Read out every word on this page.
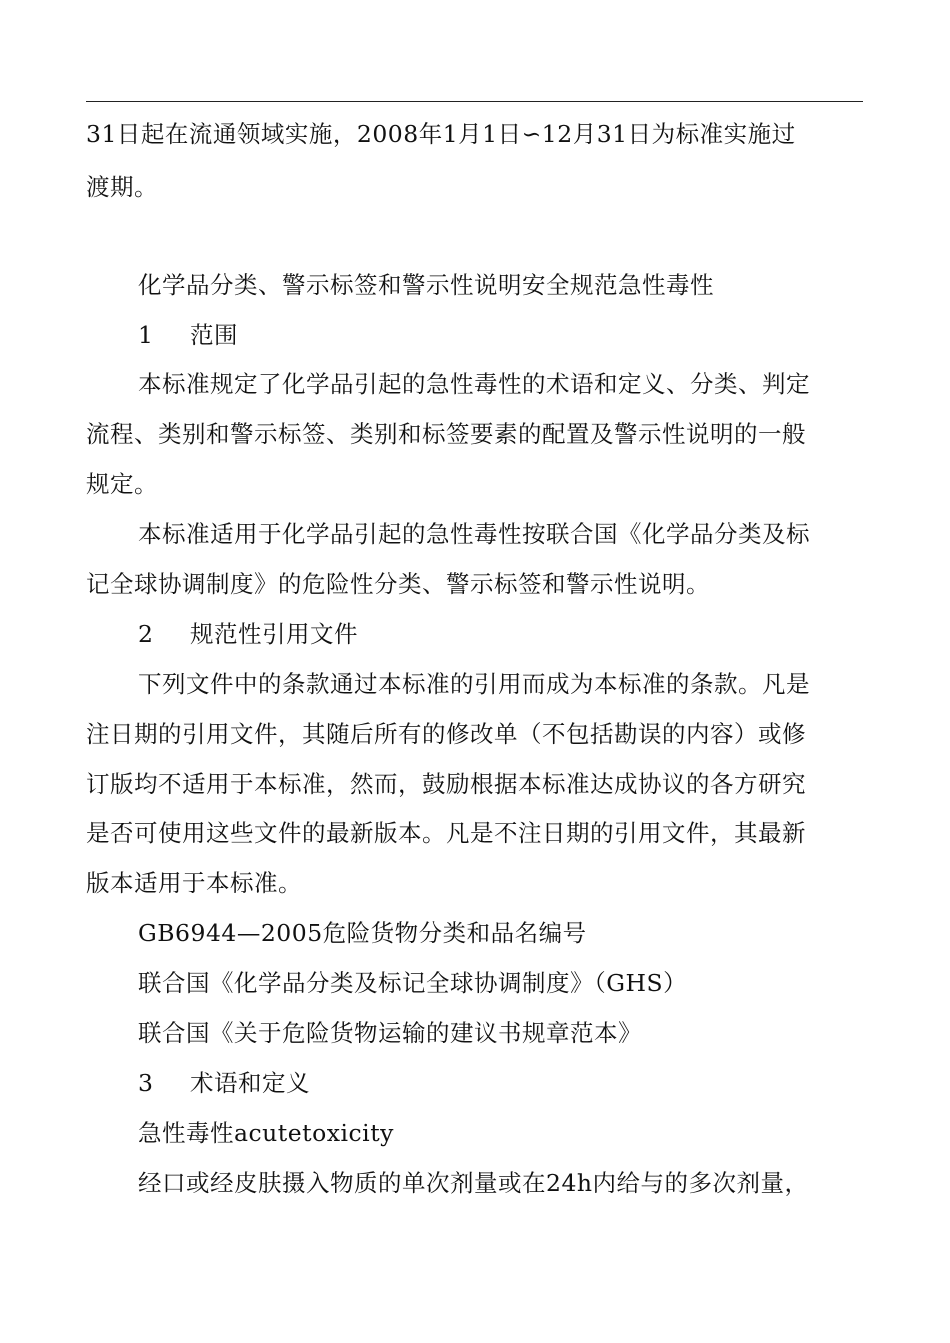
31日起在流通领域实施，2008年1月1日∽12月31日为标准实施过
渡期。
化学品分类、警示标签和警示性说明安全规范急性毒性
1 范围
本标准规定了化学品引起的急性毒性的术语和定义、分类、判定
流程、类别和警示标签、类别和标签要素的配置及警示性说明的一般
规定。
本标准适用于化学品引起的急性毒性按联合国《化学品分类及标
记全球协调制度》的危险性分类、警示标签和警示性说明。
2 规范性引用文件
下列文件中的条款通过本标准的引用而成为本标准的条款。凡是
注日期的引用文件，其随后所有的修改单（不包括勘误的内容）或修
订版均不适用于本标准，然而，鼓励根据本标准达成协议的各方研究
是否可使用这些文件的最新版本。凡是不注日期的引用文件，其最新
版本适用于本标准。
GB6944—2005危险货物分类和品名编号
联合国《化学品分类及标记全球协调制度》（GHS）
联合国《关于危险货物运输的建议书规章范本》
3 术语和定义
急性毒性acutetoxicity
经口或经皮肤摄入物质的单次剂量或在24h内给与的多次剂量，
